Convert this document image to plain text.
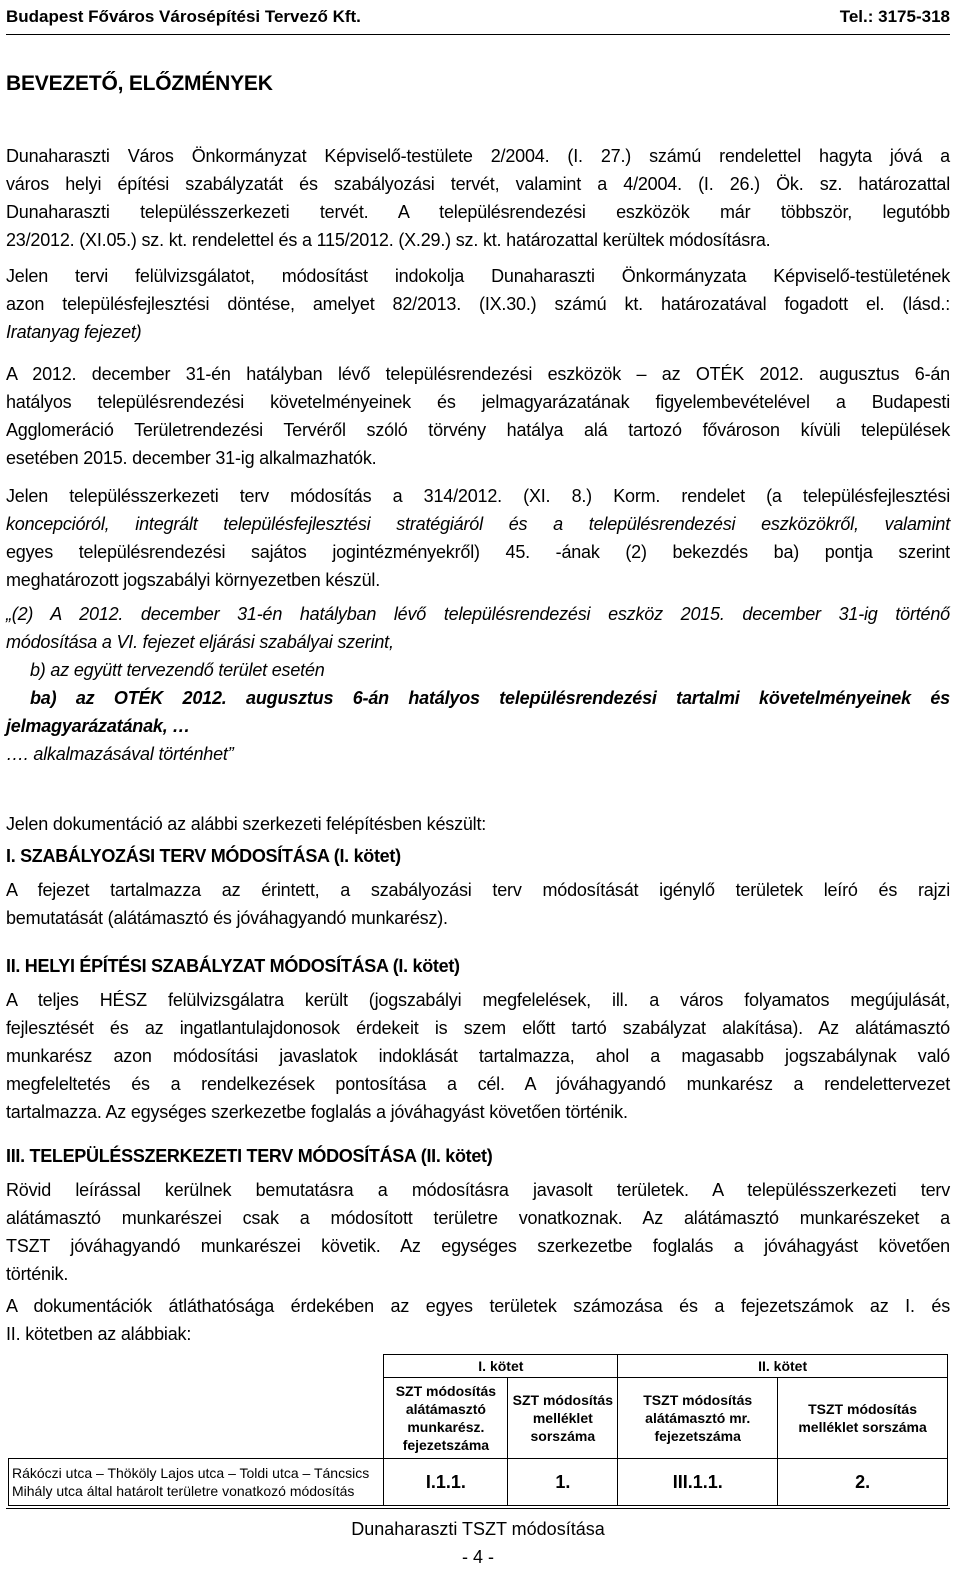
Budapest Főváros Városépítési Tervező Kft.	Tel.: 3175-318
BEVEZETŐ, ELŐZMÉNYEK
Dunaharaszti Város Önkormányzat Képviselő-testülete 2/2004. (I. 27.) számú rendelettel hagyta jóvá a
város helyi építési szabályzatát és szabályozási tervét, valamint a 4/2004. (I. 26.) Ök. sz. határozattal
Dunaharaszti településszerkezeti tervét. A településrendezési eszközök már többször, legutóbb
23/2012. (XI.05.) sz. kt. rendelettel és a 115/2012. (X.29.) sz. kt. határozattal kerültek módosításra.
Jelen tervi felülvizsgálatot, módosítást indokolja Dunaharaszti Önkormányzata Képviselő-testületének
azon településfejlesztési döntése, amelyet 82/2013. (IX.30.) számú kt. határozatával fogadott el. (lásd.:
Iratanyag fejezet)
A 2012. december 31-én hatályban lévő településrendezési eszközök – az OTÉK 2012. augusztus 6-án
hatályos településrendezési követelményeinek és jelmagyarázatának figyelembevételével a Budapesti
Agglomeráció Területrendezési Tervéről szóló törvény hatálya alá tartozó fővároson kívüli települések
esetében 2015. december 31-ig alkalmazhatók.
Jelen településszerkezeti terv módosítás a 314/2012. (XI. 8.) Korm. rendelet (a településfejlesztési
koncepcióról, integrált településfejlesztési stratégiáról és a településrendezési eszközökről, valamint
egyes településrendezési sajátos jogintézményekről) 45. -ának (2) bekezdés ba) pontja szerint
meghatározott jogszabályi környezetben készül.
„(2) A 2012. december 31-én hatályban lévő településrendezési eszköz 2015. december 31-ig történő
módosítása a VI. fejezet eljárási szabályai szerint,
b) az együtt tervezendő terület esetén
ba) az OTÉK 2012. augusztus 6-án hatályos településrendezési tartalmi követelményeinek és
jelmagyarázatának, …
…. alkalmazásával történhet”
Jelen dokumentáció az alábbi szerkezeti felépítésben készült:
I. SZABÁLYOZÁSI TERV MÓDOSÍTÁSA (I. kötet)
A fejezet tartalmazza az érintett, a szabályozási terv módosítását igénylő területek leíró és rajzi
bemutatását (alátámasztó és jóváhagyandó munkarész).
II. HELYI ÉPÍTÉSI SZABÁLYZAT MÓDOSÍTÁSA (I. kötet)
A teljes HÉSZ felülvizsgálatra került (jogszabályi megfelelések, ill. a város folyamatos megújulását,
fejlesztését és az ingatlantulajdonosok érdekeit is szem előtt tartó szabályzat alakítása). Az alátámasztó
munkarész azon módosítási javaslatok indoklását tartalmazza, ahol a magasabb jogszabálynak való
megfeleltetés és a rendelkezések pontosítása a cél. A jóváhagyandó munkarész a rendelettervezet
tartalmazza. Az egységes szerkezetbe foglalás a jóváhagyást követően történik.
III. TELEPÜLÉSSZERKEZETI TERV MÓDOSÍTÁSA (II. kötet)
Rövid leírással kerülnek bemutatásra a módosításra javasolt területek. A településszerkezeti terv
alátámasztó munkarészei csak a módosított területre vonatkoznak. Az alátámasztó munkarészeket a
TSZT jóváhagyandó munkarészei követik. Az egységes szerkezetbe foglalás a jóváhagyást követően
történik.
A dokumentációk átláthatósága érdekében az egyes területek számozása és a fejezetszámok az I. és
II. kötetben az alábbiak:
	I. kötet		II. kötet	
	SZT módosítás alátámasztó munkarész. fejezetszáma	SZT módosítás melléklet sorszáma	TSZT módosítás alátámasztó mr. fejezetszáma	TSZT módosítás melléklet sorszáma
Rákóczi utca – Thököly Lajos utca – Toldi utca – Táncsics Mihály utca által határolt területre vonatkozó módosítás	I.1.1.	1.	III.1.1.	2.
Dunaharaszti TSZT módosítása
- 4 -
